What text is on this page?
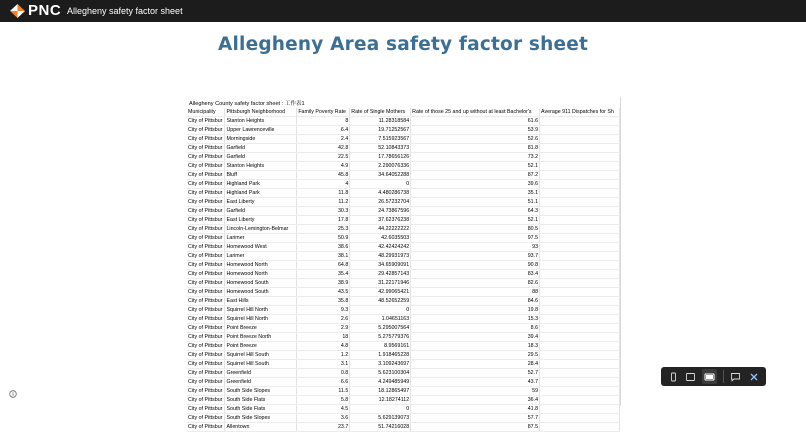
PNC Allegheny safety factor sheet
Allegheny Area safety factor sheet
Allegheny County safety factor sheet : 工作表1
Municipality	Pittsburgh Neighborhood	Family Poverty Rate	Rate of Single Mothers	Rate of those 25 and up without at least Bachelor's	Average 911 Dispatches for Sh
City of Pittsbur	Stanton Heights	8	11.28318584	61.6	
City of Pittsbur	Upper Lawrenceville	6.4	19.71252567	53.9	
City of Pittsbur	Morningside	2.4	7.515923567	52.6	
City of Pittsbur	Garfield	42.8	52.10843373	81.8	
City of Pittsbur	Garfield	22.5	17.78656126	73.2	
City of Pittsbur	Stanton Heights	4.9	2.290076336	52.1	
City of Pittsbur	Bluff	45.8	34.64052288	87.2	
City of Pittsbur	Highland Park	4	0	39.6	
City of Pittsbur	Highland Park	11.8	4.480286738	35.1	
City of Pittsbur	East Liberty	11.2	26.57232704	51.1	
City of Pittsbur	Garfield	30.3	24.73867596	64.3	
City of Pittsbur	East Liberty	17.8	37.62376238	52.1	
City of Pittsbur	Lincoln-Lemington-Belmar	25.3	44.22222222	80.5	
City of Pittsbur	Larimer	50.9	42.6035503	97.5	
City of Pittsbur	Homewood West	38.6	42.42424242	93	
City of Pittsbur	Larimer	38.1	48.29931973	93.7	
City of Pittsbur	Homewood North	64.8	34.65909091	90.8	
City of Pittsbur	Homewood North	35.4	29.42857143	83.4	
City of Pittsbur	Homewood South	38.9	31.22171946	82.6	
City of Pittsbur	Homewood South	43.5	42.99065421	88	
City of Pittsbur	East Hills	35.8	48.52652259	84.6	
City of Pittsbur	Squirrel Hill North	9.3	0	19.8	
City of Pittsbur	Squirrel Hill North	2.6	1.04651163	15.3	
City of Pittsbur	Point Breeze	2.9	5.295007564	8.6	
City of Pittsbur	Point Breeze North	18	5.275779376	39.4	
City of Pittsbur	Point Breeze	4.8	8.9569161	18.3	
City of Pittsbur	Squirrel Hill South	1.2	1.918465228	29.5	
City of Pittsbur	Squirrel Hill South	3.1	3.109243697	28.4	
City of Pittsbur	Greenfield	0.8	5.623100304	52.7	
City of Pittsbur	Greenfield	6.6	4.249485949	43.7	
City of Pittsbur	South Side Slopes	11.5	18.12865497	59	
City of Pittsbur	South Side Flats	5.8	12.18274112	36.4	
City of Pittsbur	South Side Flats	4.5	0	41.8	
City of Pittsbur	South Side Slopes	3.6	5.629139073	57.7	
City of Pittsbur	Allentown	23.7	51.74216028	87.5	
